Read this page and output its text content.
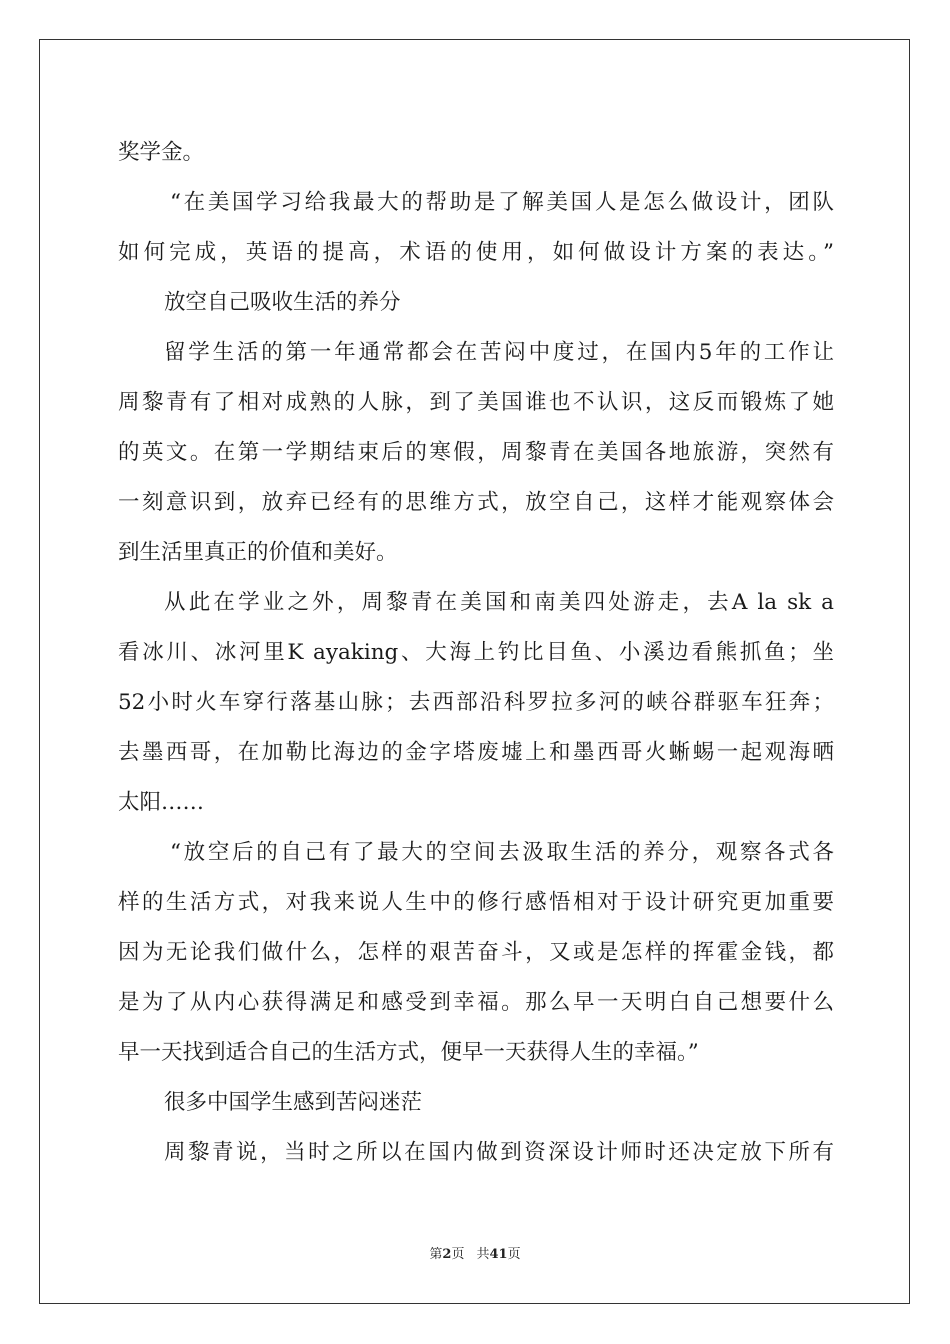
奖学金。
“在美国学习给我最大的帮助是了解美国人是怎么做设计，团队
如何完成，英语的提高，术语的使用，如何做设计方案的表达。”
放空自己吸收生活的养分
留学生活的第一年通常都会在苦闷中度过，在国内5年的工作让
周黎青有了相对成熟的人脉，到了美国谁也不认识，这反而锻炼了她
的英文。在第一学期结束后的寒假，周黎青在美国各地旅游，突然有
一刻意识到，放弃已经有的思维方式，放空自己，这样才能观察体会
到生活里真正的价值和美好。
从此在学业之外，周黎青在美国和南美四处游走，去A la sk a
看冰川、冰河里K ayaking、大海上钓比目鱼、小溪边看熊抓鱼；坐
52小时火车穿行落基山脉；去西部沿科罗拉多河的峡谷群驱车狂奔；
去墨西哥，在加勒比海边的金字塔废墟上和墨西哥火蜥蜴一起观海晒
太阳……
“放空后的自己有了最大的空间去汲取生活的养分，观察各式各
样的生活方式，对我来说人生中的修行感悟相对于设计研究更加重要
因为无论我们做什么，怎样的艰苦奋斗，又或是怎样的挥霍金钱，都
是为了从内心获得满足和感受到幸福。那么早一天明白自己想要什么
早一天找到适合自己的生活方式，便早一天获得人生的幸福。”
很多中国学生感到苦闷迷茫
周黎青说，当时之所以在国内做到资深设计师时还决定放下所有
第2页 共41页
